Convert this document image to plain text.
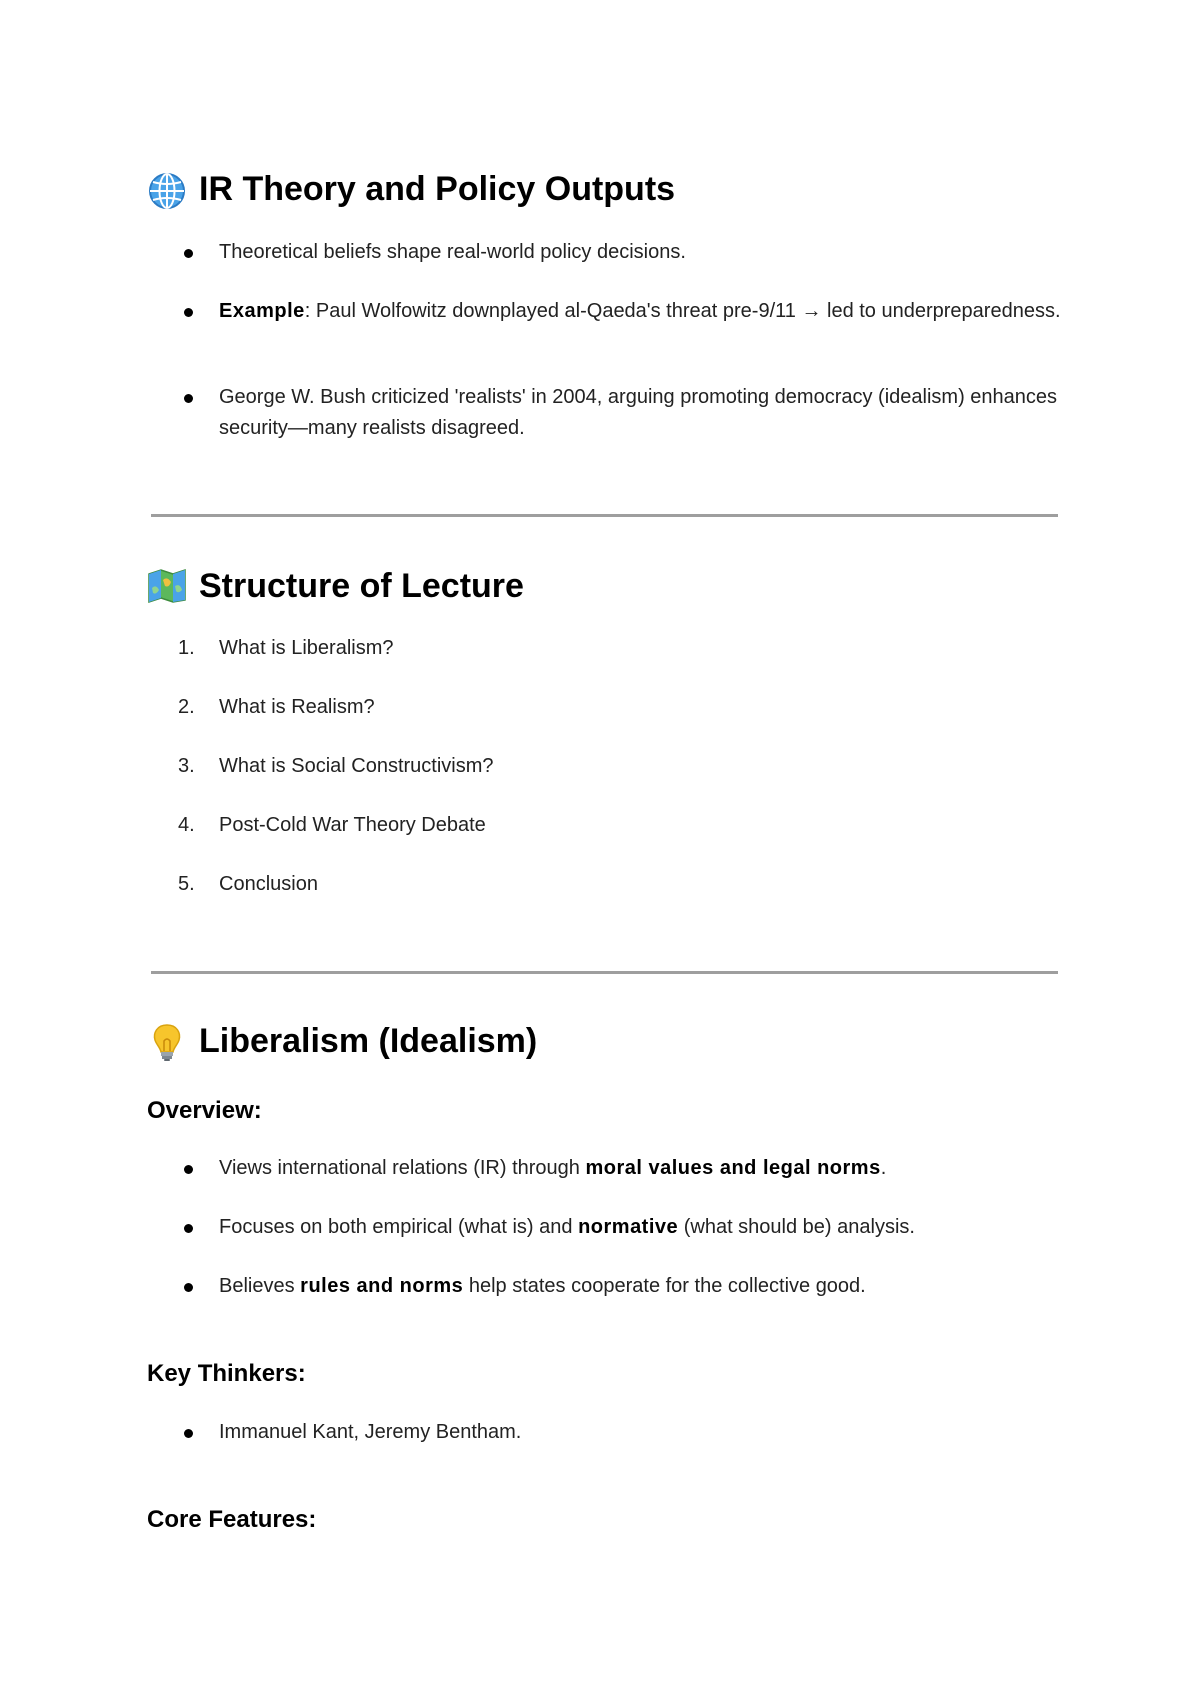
IR Theory and Policy Outputs
Theoretical beliefs shape real-world policy decisions.
Example: Paul Wolfowitz downplayed al-Qaeda's threat pre-9/11 → led to underpreparedness.
George W. Bush criticized 'realists' in 2004, arguing promoting democracy (idealism) enhances security—many realists disagreed.
Structure of Lecture
1.	What is Liberalism?
2.	What is Realism?
3.	What is Social Constructivism?
4.	Post-Cold War Theory Debate
5.	Conclusion
Liberalism (Idealism)
Overview:
Views international relations (IR) through moral values and legal norms.
Focuses on both empirical (what is) and normative (what should be) analysis.
Believes rules and norms help states cooperate for the collective good.
Key Thinkers:
Immanuel Kant, Jeremy Bentham.
Core Features:
